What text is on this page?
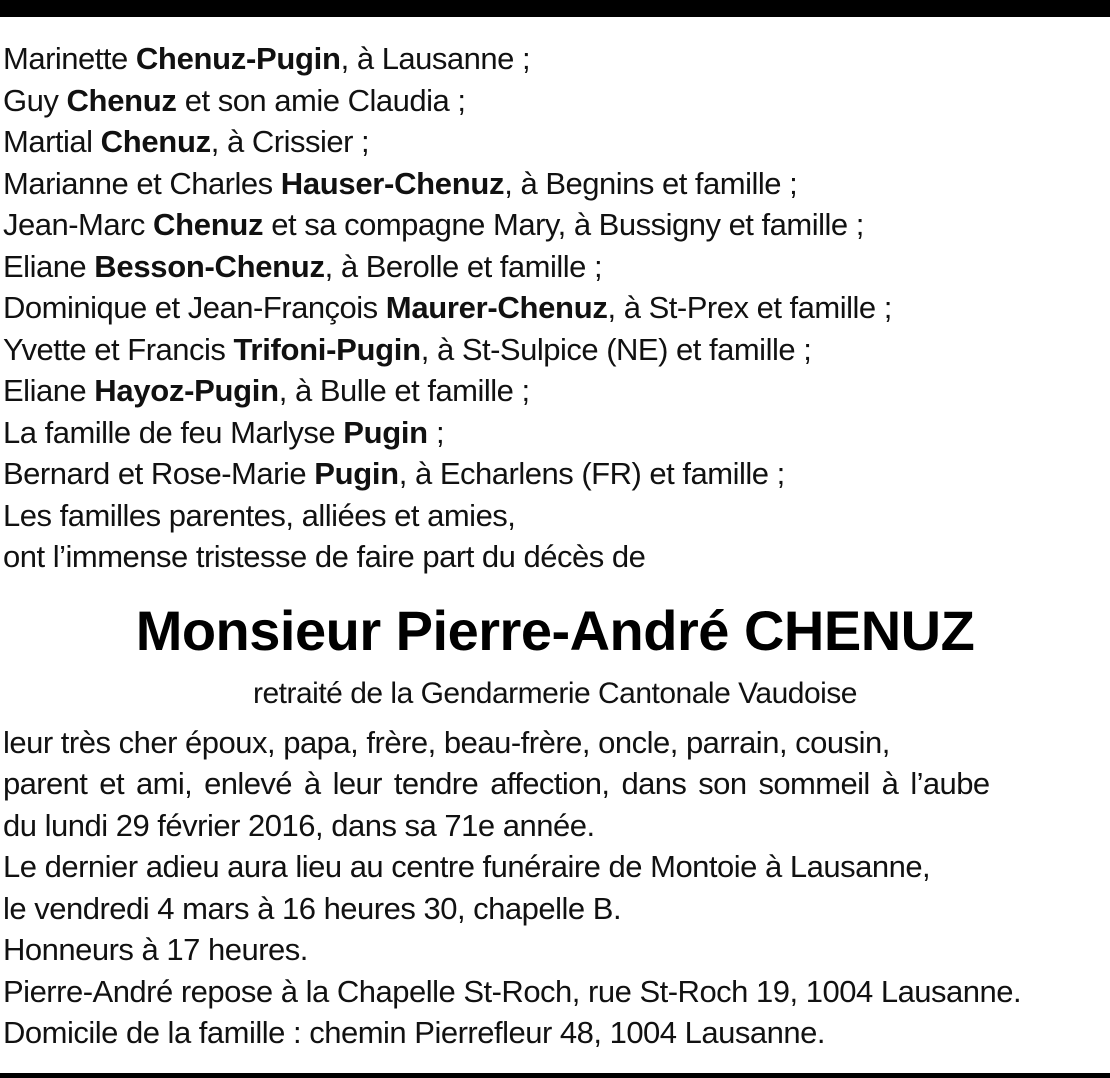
Marinette Chenuz-Pugin, à Lausanne ;
Guy Chenuz et son amie Claudia ;
Martial Chenuz, à Crissier ;
Marianne et Charles Hauser-Chenuz, à Begnins et famille ;
Jean-Marc Chenuz et sa compagne Mary, à Bussigny et famille ;
Eliane Besson-Chenuz, à Berolle et famille ;
Dominique et Jean-François Maurer-Chenuz, à St-Prex et famille ;
Yvette et Francis Trifoni-Pugin, à St-Sulpice (NE) et famille ;
Eliane Hayoz-Pugin, à Bulle et famille ;
La famille de feu Marlyse Pugin ;
Bernard et Rose-Marie Pugin, à Echarlens (FR) et famille ;
Les familles parentes, alliées et amies,
ont l’immense tristesse de faire part du décès de
Monsieur Pierre-André CHENUZ
retraité de la Gendarmerie Cantonale Vaudoise
leur très cher époux, papa, frère, beau-frère, oncle, parrain, cousin,
parent et ami, enlevé à leur tendre affection, dans son sommeil à l’aube
du lundi 29 février 2016, dans sa 71e année.
Le dernier adieu aura lieu au centre funéraire de Montoie à Lausanne,
le vendredi 4 mars à 16 heures 30, chapelle B.
Honneurs à 17 heures.
Pierre-André repose à la Chapelle St-Roch, rue St-Roch 19, 1004 Lausanne.
Domicile de la famille : chemin Pierrefleur 48, 1004 Lausanne.
